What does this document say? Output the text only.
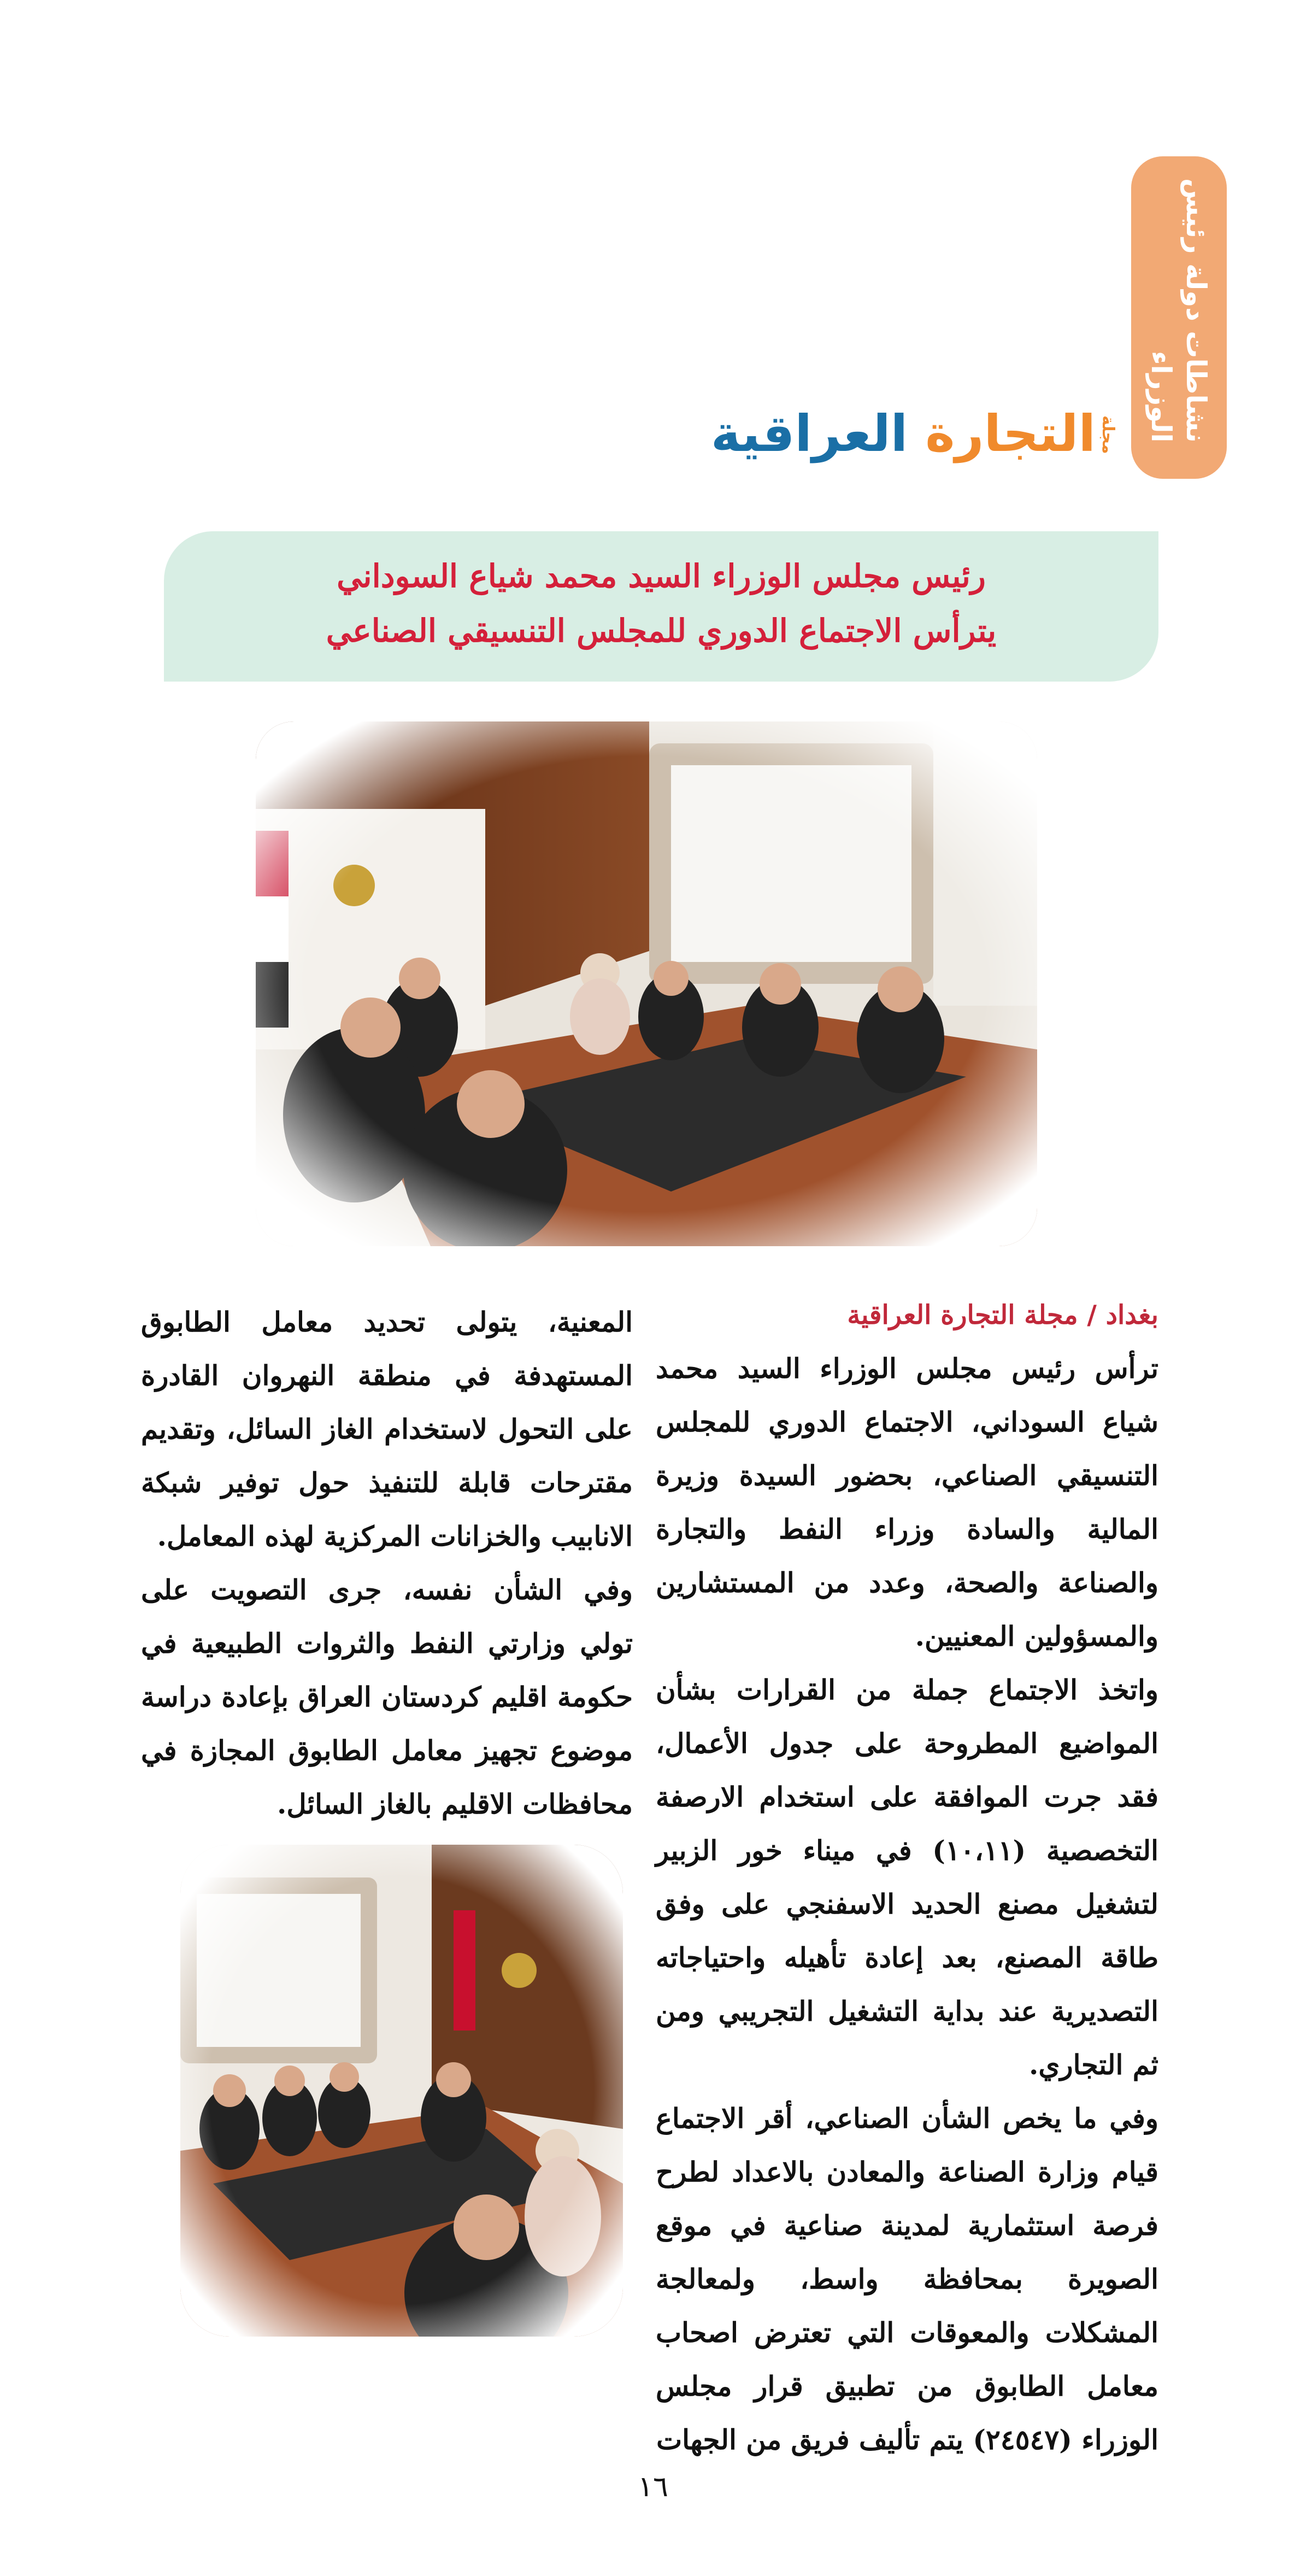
نشاطات دولة رئيس
الوزراء
مجلة
التجارة العراقية
رئيس مجلس الوزراء السيد محمد شياع السوداني
يترأس الاجتماع الدوري للمجلس التنسيقي الصناعي
بغداد / مجلة التجارة العراقية

ترأس رئيس مجلس الوزراء السيد محمد شياع السوداني، الاجتماع الدوري للمجلس التنسيقي الصناعي، بحضور السيدة وزيرة المالية والسادة وزراء النفط والتجارة والصناعة والصحة، وعدد من المستشارين والمسؤولين المعنيين.

واتخذ الاجتماع جملة من القرارات بشأن المواضيع المطروحة على جدول الأعمال، فقد جرت الموافقة على استخدام الارصفة التخصصية (١٠،١١) في ميناء خور الزبير لتشغيل مصنع الحديد الاسفنجي على وفق طاقة المصنع، بعد إعادة تأهيله واحتياجاته التصديرية عند بداية التشغيل التجريبي ومن ثم التجاري.

وفي ما يخص الشأن الصناعي، أقر الاجتماع قيام وزارة الصناعة والمعادن بالاعداد لطرح فرصة استثمارية لمدينة صناعية في موقع الصويرة بمحافظة واسط، ولمعالجة المشكلات والمعوقات التي تعترض اصحاب معامل الطابوق من تطبيق قرار مجلس الوزراء (٢٤٥٤٧) يتم تأليف فريق من الجهات

المعنية، يتولى تحديد معامل الطابوق المستهدفة في منطقة النهروان القادرة على التحول لاستخدام الغاز السائل، وتقديم مقترحات قابلة للتنفيذ حول توفير شبكة الانابيب والخزانات المركزية لهذه المعامل.

وفي الشأن نفسه، جرى التصويت على تولي وزارتي النفط والثروات الطبيعية في حكومة اقليم كردستان العراق بإعادة دراسة موضوع تجهيز معامل الطابوق المجازة في محافظات الاقليم بالغاز السائل.

١٦
